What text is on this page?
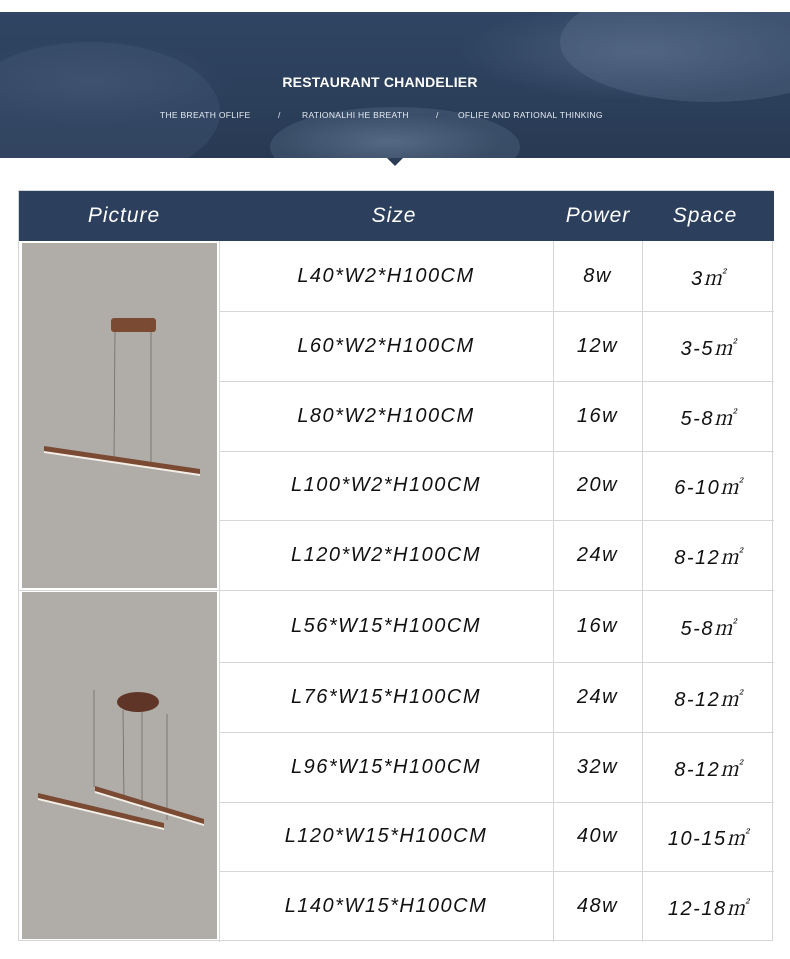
RESTAURANT CHANDELIER
THE BREATH OFLIFE	/	RATIONALHI HE BREATH	/ OFLIFE AND RATIONAL THINKING
Picture	Size	Power	Space
L40*W2*H100CM	8w	3㎡
L60*W2*H100CM	12w	3-5㎡
L80*W2*H100CM	16w	5-8㎡
L100*W2*H100CM	20w	6-10㎡
L120*W2*H100CM	24w	8-12㎡
L56*W15*H100CM	16w	5-8㎡
L76*W15*H100CM	24w	8-12㎡
L96*W15*H100CM	32w	8-12㎡
L120*W15*H100CM	40w	10-15㎡
L140*W15*H100CM	48w	12-18㎡
